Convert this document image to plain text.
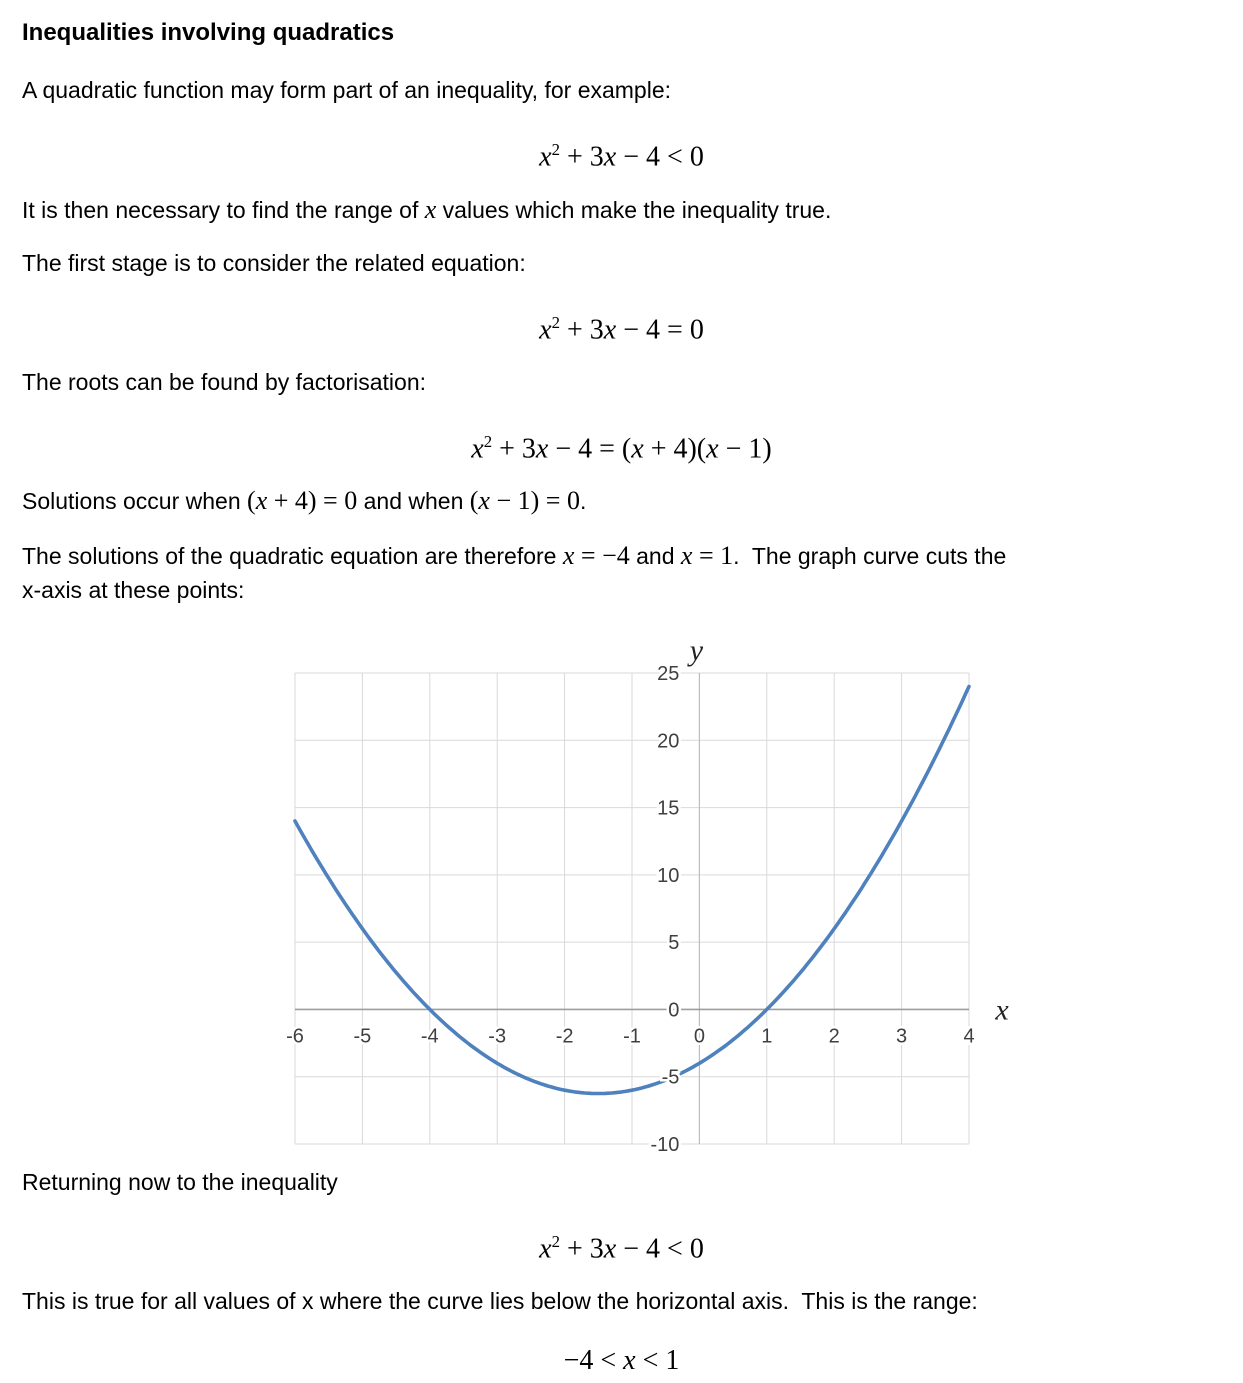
Inequalities involving quadratics

A quadratic function may form part of an inequality, for example:

$x^2 + 3x - 4 < 0$

It is then necessary to find the range of x values which make the inequality true.

The first stage is to consider the related equation:

$x^2 + 3x - 4 = 0$

The roots can be found by factorisation:

$x^2 + 3x - 4 = (x + 4)(x - 1)$

Solutions occur when (x + 4) = 0 and when (x − 1) = 0.

The solutions of the quadratic equation are therefore x = −4 and x = 1.  The graph curve cuts the
x-axis at these points:

-10
-5
0
5
10
15
20
25
-6 -5 -4 -3 -2 -1	0	1	2	3	4
y
x

Returning now to the inequality

$x^2 + 3x - 4 < 0$

This is true for all values of x where the curve lies below the horizontal axis.  This is the range:

−4 < x < 1
